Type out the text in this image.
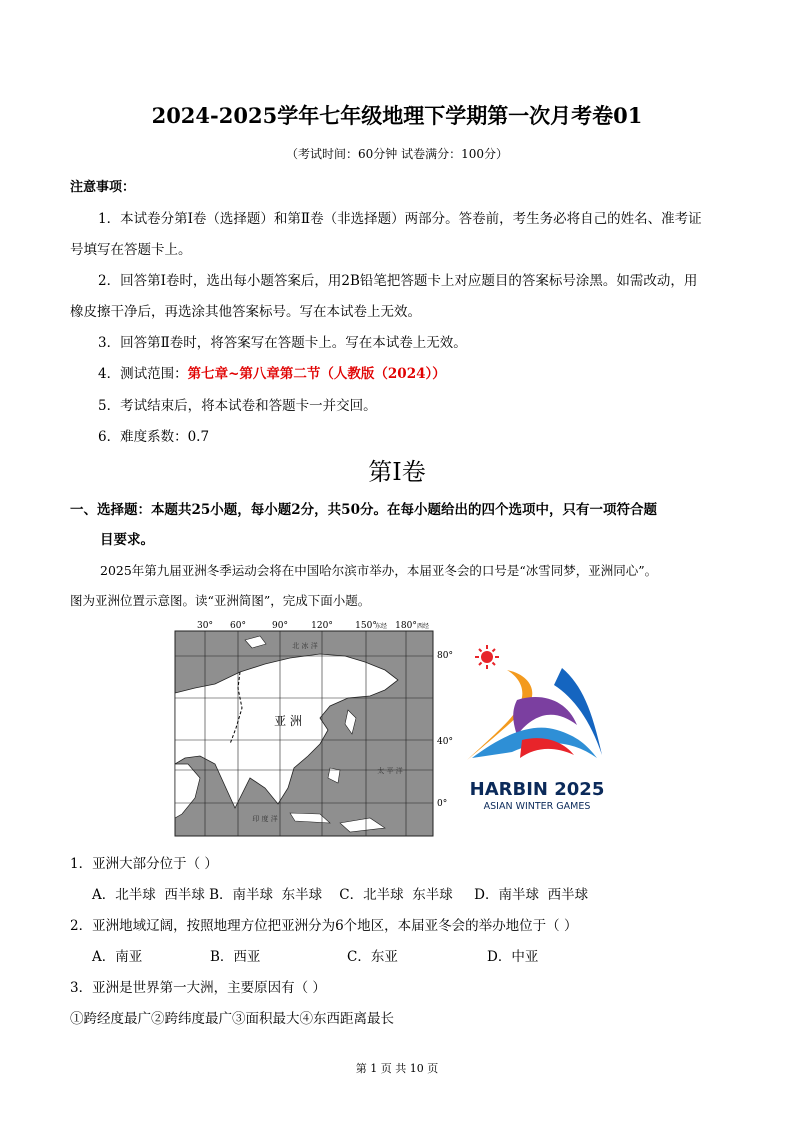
2024-2025学年七年级地理下学期第一次月考卷01
（考试时间：60分钟 试卷满分：100分）
注意事项：
1．本试卷分第Ⅰ卷（选择题）和第Ⅱ卷（非选择题）两部分。答卷前，考生务必将自己的姓名、准考证
号填写在答题卡上。
2．回答第Ⅰ卷时，选出每小题答案后，用2B铅笔把答题卡上对应题目的答案标号涂黑。如需改动，用
橡皮擦干净后，再选涂其他答案标号。写在本试卷上无效。
3．回答第Ⅱ卷时，将答案写在答题卡上。写在本试卷上无效。
4．测试范围：第七章~第八章第二节（人教版（2024））
5．考试结束后，将本试卷和答题卡一并交回。
6．难度系数：0.7
第Ⅰ卷
一、选择题：本题共25小题，每小题2分，共50分。在每小题给出的四个选项中，只有一项符合题
目要求。
2025年第九届亚洲冬季运动会将在中国哈尔滨市举办，本届亚冬会的口号是“冰雪同梦，亚洲同心”。
图为亚洲位置示意图。读“亚洲简图”，完成下面小题。
30° 60°	90°	120° 150°
东经 180° 西经
亚 洲
北 冰 洋
太 平 洋
印 度 洋
80°
40°
0°
HARBIN 2025
ASIAN WINTER GAMES
1．亚洲大部分位于（ ）
A．北半球  西半球 B．南半球  东半球    C．北半球  东半球     D．南半球  西半球
2．亚洲地域辽阔，按照地理方位把亚洲分为6个地区，本届亚冬会的举办地位于（ ）
A．南亚	B．西亚	C．东亚	D．中亚
3．亚洲是世界第一大洲，主要原因有（ ）
①跨经度最广②跨纬度最广③面积最大④东西距离最长
第 1 页 共 10 页
